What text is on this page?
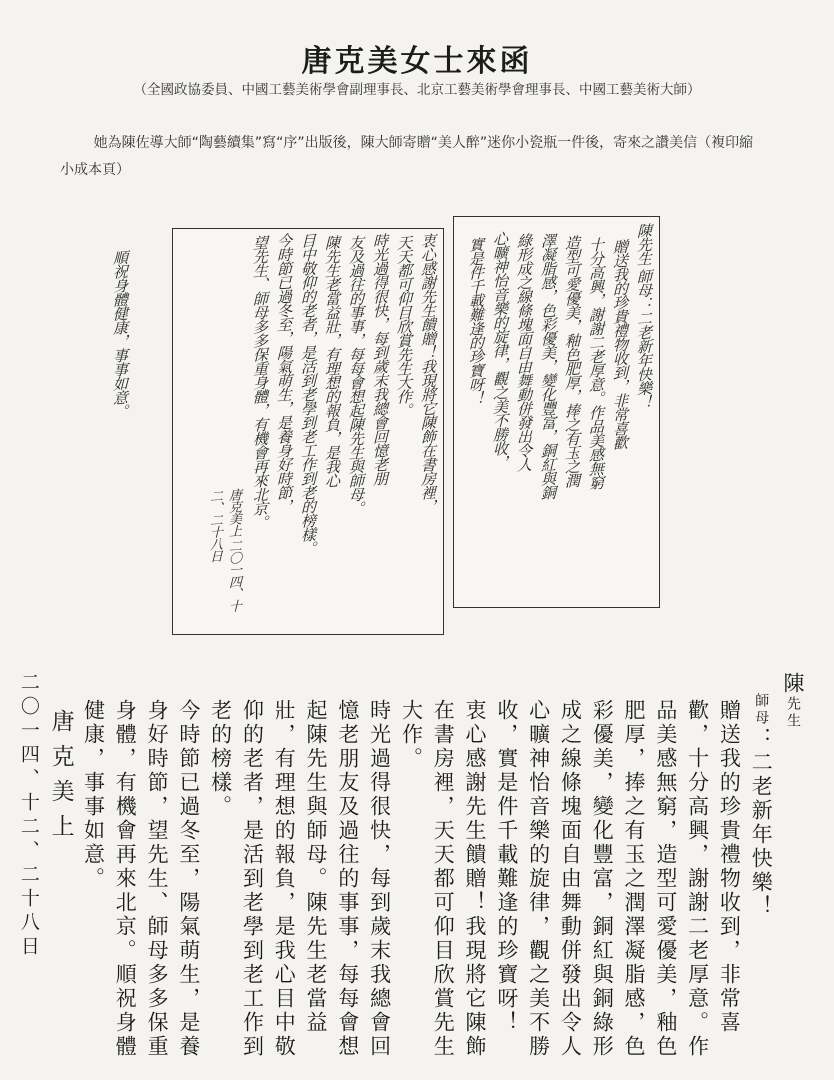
唐克美女士來函
（全國政協委員、中國工藝美術學會副理事長、北京工藝美術學會理事長、中國工藝美術大師）
她為陳佐導大師“陶藝續集”寫“序”出版後，陳大師寄贈“美人醉”迷你小瓷瓶一件後，寄來之讚美信（複印縮小成本頁）
陳先生 師母：二老新年快樂！
贈送我的珍貴禮物收到，非常喜歡
十分高興，謝謝二老厚意。作品美感無窮
造型可愛優美，釉色肥厚，捧之有玉之潤
澤凝脂感，色彩優美，變化豐富，銅紅與銅
綠形成之線條塊面自由舞動併發出令人
心曠神怡音樂的旋律，觀之美不勝收，
實是件千載難逢的珍寶呀！
衷心感謝先生饋贈！我現將它陳飾在書房裡，
天天都可仰目欣賞先生大作。
時光過得很快，每到歲末我總會回憶老朋
友及過往的事事，每每會想起陳先生與師母。
陳先生老當益壯，有理想的報負，是我心
目中敬仰的老者，是活到老學到老工作到老的榜樣。
今時節已過冬至，陽氣萌生，是養身好時節，
望先生、師母多多保重身體，有機會再來北京。
唐克美上 二〇一四、十二、二十八日
順祝身體健康，事事如意。

陳先生

師母：二老新年快樂！

贈送我的珍貴禮物收到，非常喜歡，十分高興，謝謝二老厚意。作品美感無窮，造型可愛優美，釉色肥厚，捧之有玉之潤澤凝脂感，色彩優美，變化豐富，銅紅與銅綠形成之線條塊面自由舞動併發出令人心曠神怡音樂的旋律，觀之美不勝收，實是件千載難逢的珍寶呀！

衷心感謝先生饋贈！我現將它陳飾在書房裡，天天都可仰目欣賞先生大作。

時光過得很快，每到歲末我總會回憶老朋友及過往的事事，每每會想起陳先生與師母。陳先生老當益壯，有理想的報負，是我心目中敬仰的老者，是活到老學到老工作到老的榜樣。

今時節已過冬至，陽氣萌生，是養身好時節，望先生、師母多多保重身體，有機會再來北京。順祝身體健康，事事如意。

唐克美上

二〇一四、十二、二十八日
